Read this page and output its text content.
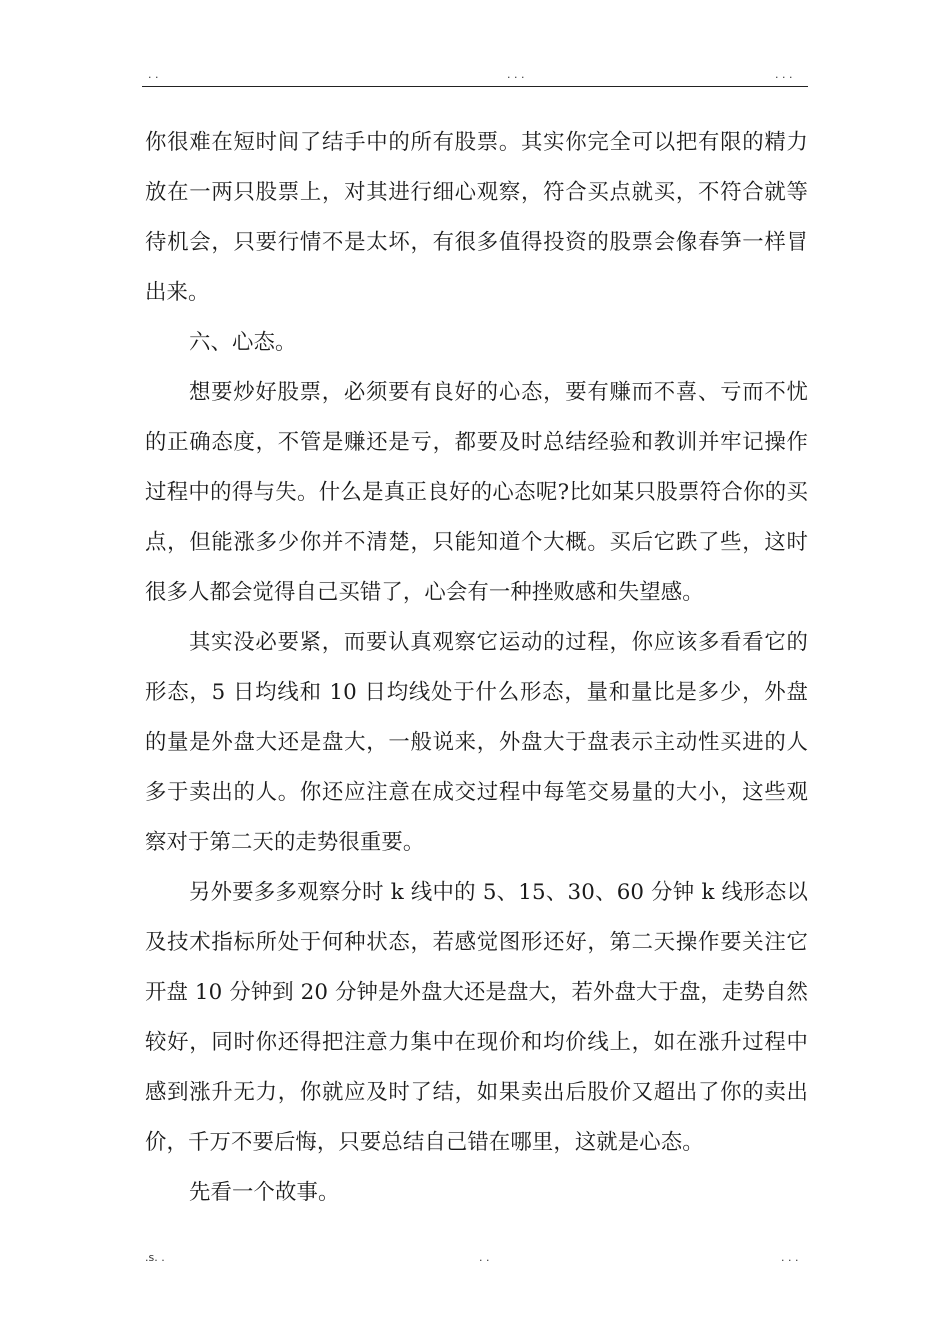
. .	. . .	. . .

你很难在短时间了结手中的所有股票。其实你完全可以把有限的精力放在一两只股票上，对其进行细心观察，符合买点就买，不符合就等待机会，只要行情不是太坏，有很多值得投资的股票会像春笋一样冒出来。

六、心态。

想要炒好股票，必须要有良好的心态，要有赚而不喜、亏而不忧的正确态度，不管是赚还是亏，都要及时总结经验和教训并牢记操作过程中的得与失。什么是真正良好的心态呢?比如某只股票符合你的买点，但能涨多少你并不清楚，只能知道个大概。买后它跌了些，这时很多人都会觉得自己买错了，心会有一种挫败感和失望感。

其实没必要紧，而要认真观察它运动的过程，你应该多看看它的形态，5 日均线和 10 日均线处于什么形态，量和量比是多少，外盘的量是外盘大还是盘大，一般说来，外盘大于盘表示主动性买进的人多于卖出的人。你还应注意在成交过程中每笔交易量的大小，这些观察对于第二天的走势很重要。

另外要多多观察分时 k 线中的 5、15、30、60 分钟 k 线形态以及技术指标所处于何种状态，若感觉图形还好，第二天操作要关注它开盘 10 分钟到 20 分钟是外盘大还是盘大，若外盘大于盘，走势自然较好，同时你还得把注意力集中在现价和均价线上，如在涨升过程中感到涨升无力，你就应及时了结，如果卖出后股价又超出了你的卖出价，千万不要后悔，只要总结自己错在哪里，这就是心态。

先看一个故事。

.s. .	. .	. . .
